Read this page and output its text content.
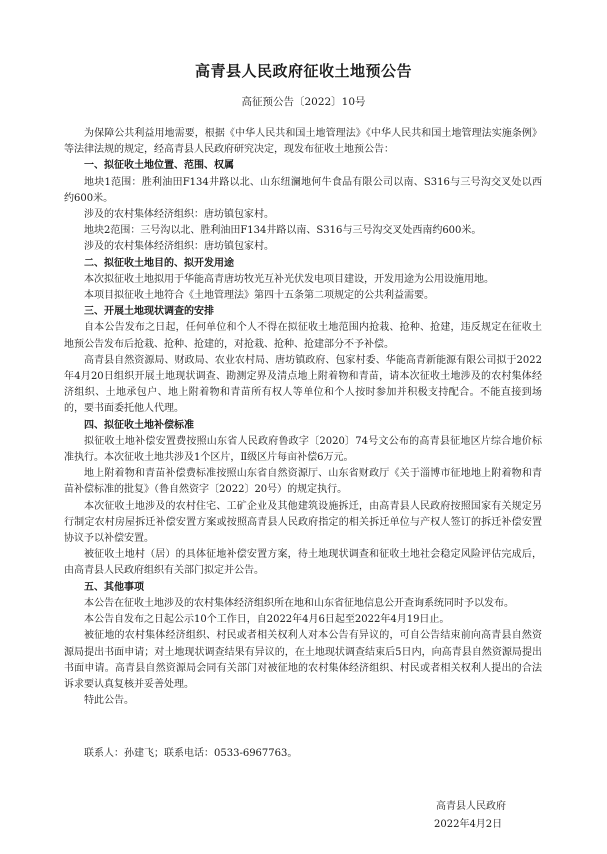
高青县人民政府征收土地预公告
高征预公告〔2022〕10号

为保障公共利益用地需要，根据《中华人民共和国土地管理法》《中华人民共和国土地管理法实施条例》等法律法规的规定，经高青县人民政府研究决定，现发布征收土地预公告：

一、拟征收土地位置、范围、权属

地块1范围：胜利油田F134井路以北、山东纽澜地何牛食品有限公司以南、S316与三号沟交叉处以西约600米。

涉及的农村集体经济组织：唐坊镇包家村。

地块2范围：三号沟以北、胜利油田F134井路以南、S316与三号沟交叉处西南约600米。

涉及的农村集体经济组织：唐坊镇包家村。

二、拟征收土地目的、拟开发用途

本次拟征收土地拟用于华能高青唐坊牧光互补光伏发电项目建设，开发用途为公用设施用地。

本项目拟征收土地符合《土地管理法》第四十五条第二项规定的公共利益需要。

三、开展土地现状调查的安排

自本公告发布之日起，任何单位和个人不得在拟征收土地范围内抢栽、抢种、抢建，违反规定在征收土地预公告发布后抢栽、抢种、抢建的，对抢栽、抢种、抢建部分不予补偿。

高青县自然资源局、财政局、农业农村局、唐坊镇政府、包家村委、华能高青新能源有限公司拟于2022年4月20日组织开展土地现状调查、勘测定界及清点地上附着物和青苗，请本次征收土地涉及的农村集体经济组织、土地承包户、地上附着物和青苗所有权人等单位和个人按时参加并积极支持配合。不能直接到场的，要书面委托他人代理。

四、拟征收土地补偿标准

拟征收土地补偿安置费按照山东省人民政府鲁政字〔2020〕74号文公布的高青县征地区片综合地价标准执行。本次征收土地共涉及1个区片，Ⅱ级区片每亩补偿6万元。

地上附着物和青苗补偿费标准按照山东省自然资源厅、山东省财政厅《关于淄博市征地地上附着物和青苗补偿标准的批复》（鲁自然资字〔2022〕20号）的规定执行。

本次征收土地涉及的农村住宅、工矿企业及其他建筑设施拆迁，由高青县人民政府按照国家有关规定另行制定农村房屋拆迁补偿安置方案或按照高青县人民政府指定的相关拆迁单位与产权人签订的拆迁补偿安置协议予以补偿安置。

被征收土地村（居）的具体征地补偿安置方案，待土地现状调查和征收土地社会稳定风险评估完成后，由高青县人民政府组织有关部门拟定并公告。

五、其他事项

本公告在征收土地涉及的农村集体经济组织所在地和山东省征地信息公开查询系统同时予以发布。

本公告自发布之日起公示10个工作日，自2022年4月6日起至2022年4月19日止。

被征地的农村集体经济组织、村民或者相关权利人对本公告有异议的，可自公告结束前向高青县自然资源局提出书面申请；对土地现状调查结果有异议的，在土地现状调查结束后5日内，向高青县自然资源局提出书面申请。高青县自然资源局会同有关部门对被征地的农村集体经济组织、村民或者相关权利人提出的合法诉求要认真复核并妥善处理。

特此公告。

联系人：孙建飞；联系电话：0533-6967763。
高青县人民政府
2022年4月2日
